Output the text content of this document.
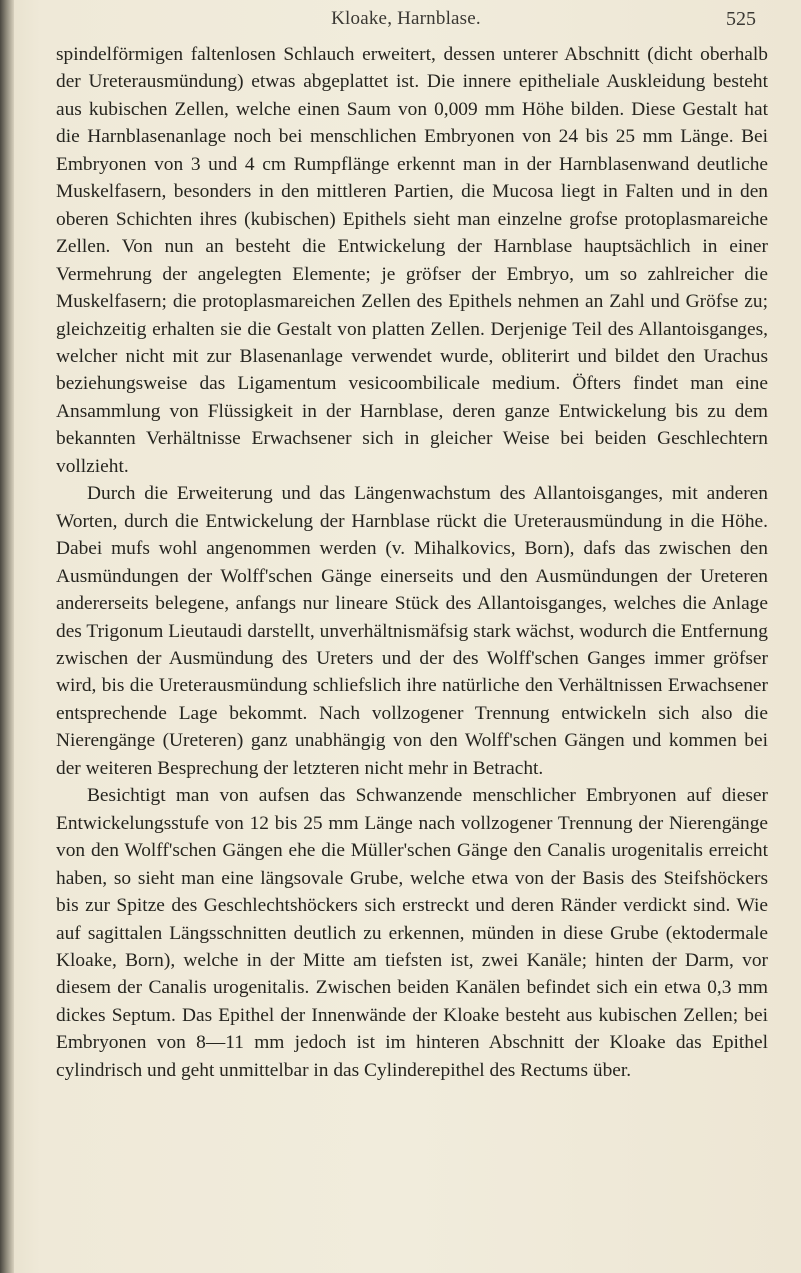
Kloake, Harnblase.	525

spindelförmigen faltenlosen Schlauch erweitert, dessen unterer Abschnitt (dicht oberhalb der Ureterausmündung) etwas abgeplattet ist. Die innere epitheliale Auskleidung besteht aus kubischen Zellen, welche einen Saum von 0,009 mm Höhe bilden. Diese Gestalt hat die Harnblasenanlage noch bei menschlichen Embryonen von 24 bis 25 mm Länge. Bei Embryonen von 3 und 4 cm Rumpflänge erkennt man in der Harnblasenwand deutliche Muskelfasern, besonders in den mittleren Partien, die Mucosa liegt in Falten und in den oberen Schichten ihres (kubischen) Epithels sieht man einzelne grofse protoplasmareiche Zellen. Von nun an besteht die Entwickelung der Harnblase hauptsächlich in einer Vermehrung der angelegten Elemente; je gröfser der Embryo, um so zahlreicher die Muskelfasern; die protoplasmareichen Zellen des Epithels nehmen an Zahl und Gröfse zu; gleichzeitig erhalten sie die Gestalt von platten Zellen. Derjenige Teil des Allantoisganges, welcher nicht mit zur Blasenanlage verwendet wurde, obliterirt und bildet den Urachus beziehungsweise das Ligamentum vesicoombilicale medium. Öfters findet man eine Ansammlung von Flüssigkeit in der Harnblase, deren ganze Entwickelung bis zu dem bekannten Verhältnisse Erwachsener sich in gleicher Weise bei beiden Geschlechtern vollzieht.

Durch die Erweiterung und das Längenwachstum des Allantoisganges, mit anderen Worten, durch die Entwickelung der Harnblase rückt die Ureterausmündung in die Höhe. Dabei mufs wohl angenommen werden (v. Mihalkovics, Born), dafs das zwischen den Ausmündungen der Wolff'schen Gänge einerseits und den Ausmündungen der Ureteren andererseits belegene, anfangs nur lineare Stück des Allantoisganges, welches die Anlage des Trigonum Lieutaudi darstellt, unverhältnismäfsig stark wächst, wodurch die Entfernung zwischen der Ausmündung des Ureters und der des Wolff'schen Ganges immer gröfser wird, bis die Ureterausmündung schliefslich ihre natürliche den Verhältnissen Erwachsener entsprechende Lage bekommt. Nach vollzogener Trennung entwickeln sich also die Nierengänge (Ureteren) ganz unabhängig von den Wolff'schen Gängen und kommen bei der weiteren Besprechung der letzteren nicht mehr in Betracht.

Besichtigt man von aufsen das Schwanzende menschlicher Embryonen auf dieser Entwickelungsstufe von 12 bis 25 mm Länge nach vollzogener Trennung der Nierengänge von den Wolff'schen Gängen ehe die Müller'schen Gänge den Canalis urogenitalis erreicht haben, so sieht man eine längsovale Grube, welche etwa von der Basis des Steifshöckers bis zur Spitze des Geschlechtshöckers sich erstreckt und deren Ränder verdickt sind. Wie auf sagittalen Längsschnitten deutlich zu erkennen, münden in diese Grube (ektodermale Kloake, Born), welche in der Mitte am tiefsten ist, zwei Kanäle; hinten der Darm, vor diesem der Canalis urogenitalis. Zwischen beiden Kanälen befindet sich ein etwa 0,3 mm dickes Septum. Das Epithel der Innenwände der Kloake besteht aus kubischen Zellen; bei Embryonen von 8—11 mm jedoch ist im hinteren Abschnitt der Kloake das Epithel cylindrisch und geht unmittelbar in das Cylinderepithel des Rectums über.
